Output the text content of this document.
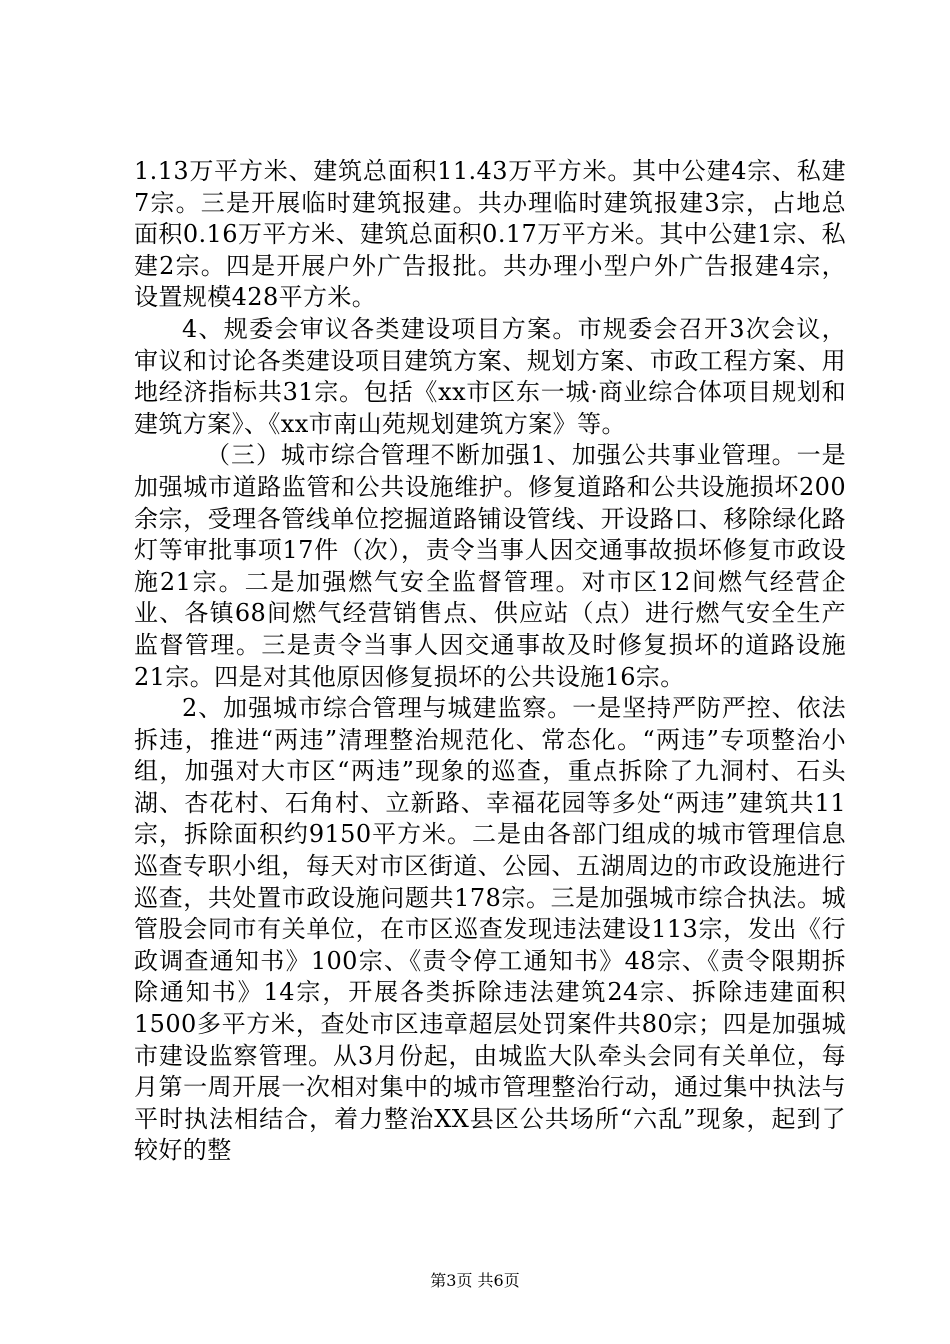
1.13万平方米、建筑总面积11.43万平方米。其中公建4宗、私建7宗。三是开展临时建筑报建。共办理临时建筑报建3宗，占地总面积0.16万平方米、建筑总面积0.17万平方米。其中公建1宗、私建2宗。四是开展户外广告报批。共办理小型户外广告报建4宗，设置规模428平方米。

4、规委会审议各类建设项目方案。市规委会召开3次会议，审议和讨论各类建设项目建筑方案、规划方案、市政工程方案、用地经济指标共31宗。包括《xx市区东一城·商业综合体项目规划和建筑方案》、《xx市南山苑规划建筑方案》等。

（三）城市综合管理不断加强1、加强公共事业管理。一是加强城市道路监管和公共设施维护。修复道路和公共设施损坏200余宗，受理各管线单位挖掘道路铺设管线、开设路口、移除绿化路灯等审批事项17件（次），责令当事人因交通事故损坏修复市政设施21宗。二是加强燃气安全监督管理。对市区12间燃气经营企业、各镇68间燃气经营销售点、供应站（点）进行燃气安全生产监督管理。三是责令当事人因交通事故及时修复损坏的道路设施21宗。四是对其他原因修复损坏的公共设施16宗。

2、加强城市综合管理与城建监察。一是坚持严防严控、依法拆违，推进“两违”清理整治规范化、常态化。“两违”专项整治小组，加强对大市区“两违”现象的巡查，重点拆除了九洞村、石头湖、杏花村、石角村、立新路、幸福花园等多处“两违”建筑共11宗，拆除面积约9150平方米。二是由各部门组成的城市管理信息巡查专职小组，每天对市区街道、公园、五湖周边的市政设施进行巡查，共处置市政设施问题共178宗。三是加强城市综合执法。城管股会同市有关单位，在市区巡查发现违法建设113宗，发出《行政调查通知书》100宗、《责令停工通知书》48宗、《责令限期拆除通知书》14宗，开展各类拆除违法建筑24宗、拆除违建面积1500多平方米，查处市区违章超层处罚案件共80宗；四是加强城市建设监察管理。从3月份起，由城监大队牵头会同有关单位，每月第一周开展一次相对集中的城市管理整治行动，通过集中执法与平时执法相结合，着力整治XX县区公共场所“六乱”现象，起到了较好的整

第3页 共6页
